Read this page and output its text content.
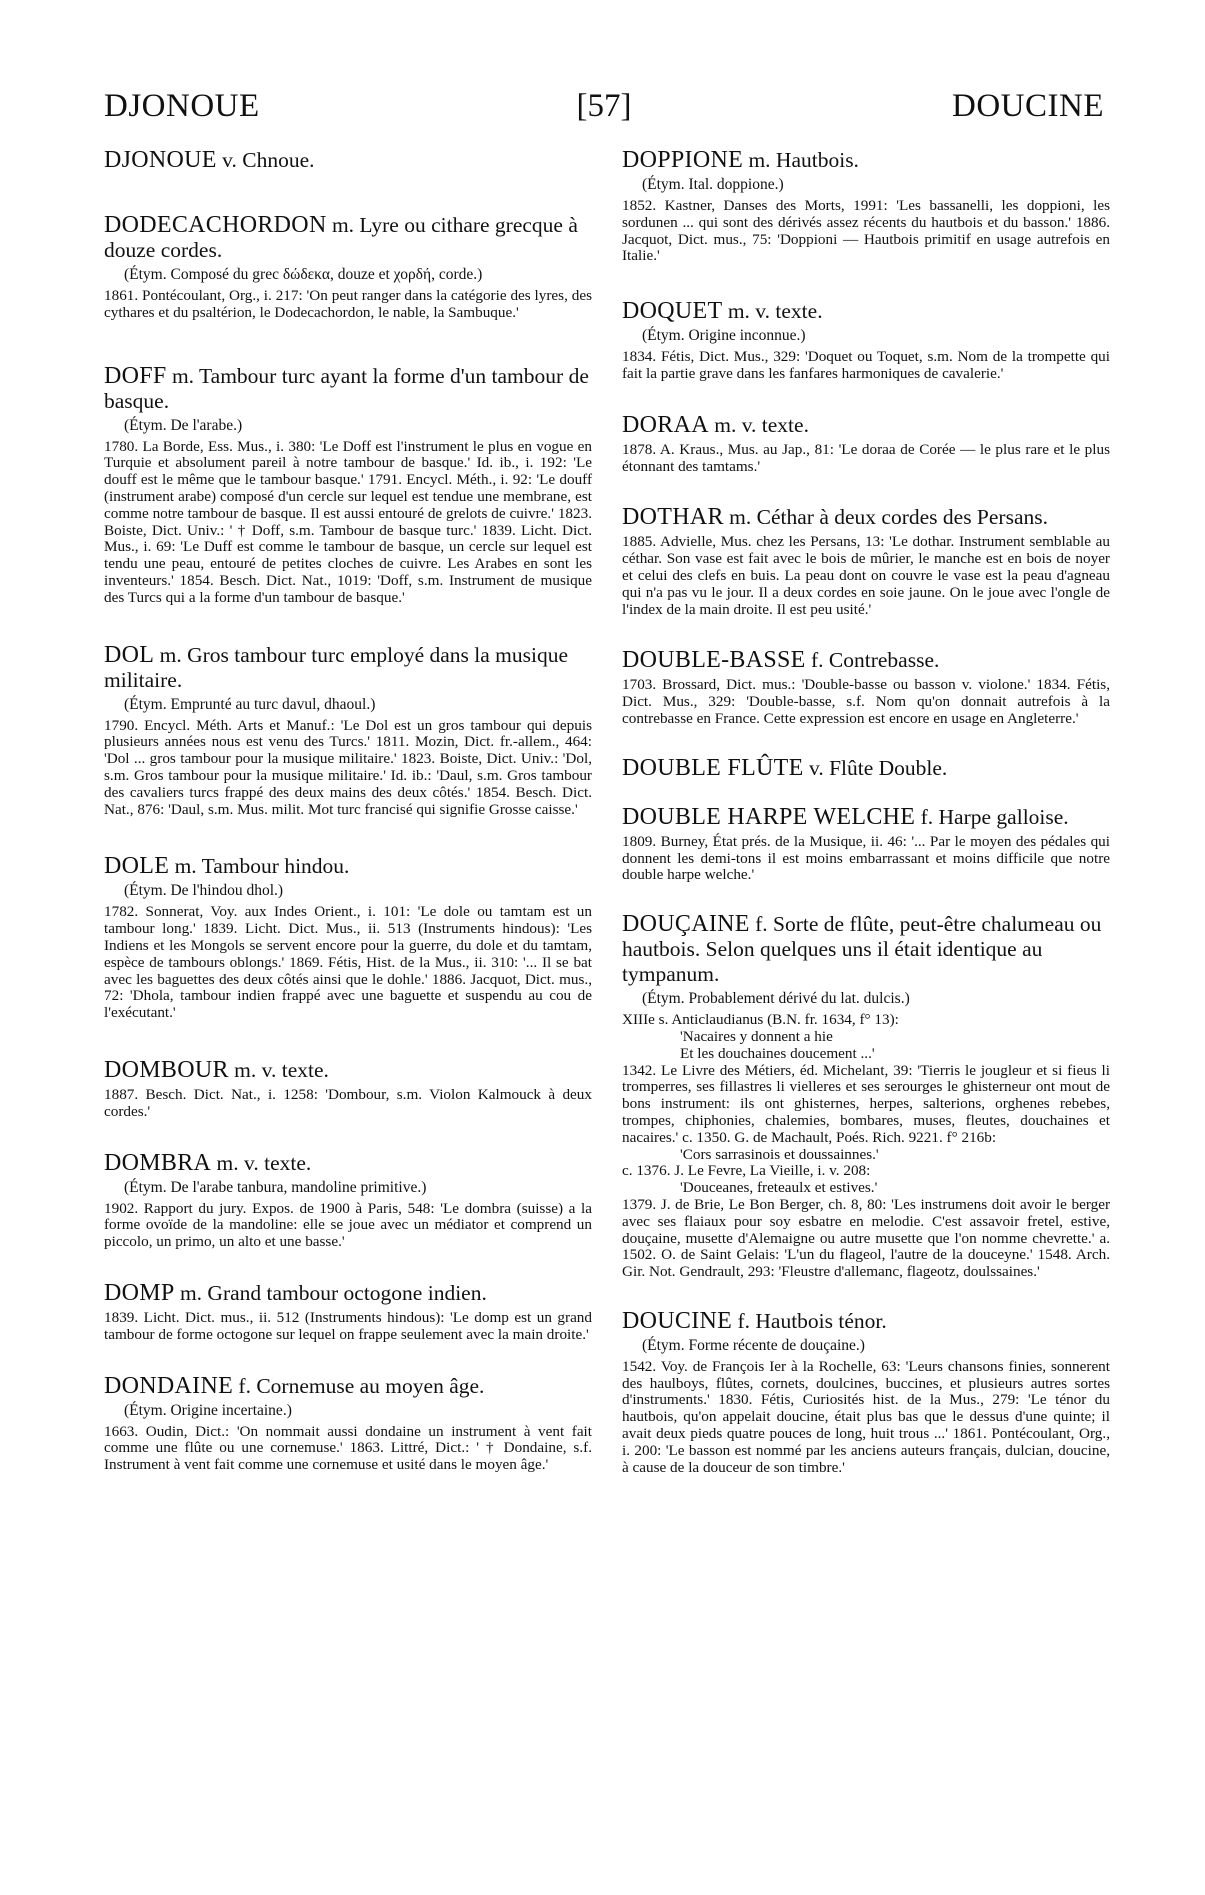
DJONOUE	[57]	DOUCINE

DJONOUE v. Chnoue.

DODECACHORDON m. Lyre ou cithare grecque à douze cordes.

(Étym. Composé du grec δώδεκα, douze et χορδή, corde.)

1861. Pontécoulant, Org., i. 217: 'On peut ranger dans la catégorie des lyres, des cythares et du psaltérion, le Dodecachordon, le nable, la Sambuque.'

DOFF m. Tambour turc ayant la forme d'un tambour de basque.

(Étym. De l'arabe.)

1780. La Borde, Ess. Mus., i. 380: 'Le Doff est l'instrument le plus en vogue en Turquie et absolument pareil à notre tambour de basque.' Id. ib., i. 192: 'Le douff est le même que le tambour basque.' 1791. Encycl. Méth., i. 92: 'Le douff (instrument arabe) composé d'un cercle sur lequel est tendue une membrane, est comme notre tambour de basque. Il est aussi entouré de grelots de cuivre.' 1823. Boiste, Dict. Univ.: ' † Doff, s.m. Tambour de basque turc.' 1839. Licht. Dict. Mus., i. 69: 'Le Duff est comme le tambour de basque, un cercle sur lequel est tendu une peau, entouré de petites cloches de cuivre. Les Arabes en sont les inventeurs.' 1854. Besch. Dict. Nat., 1019: 'Doff, s.m. Instrument de musique des Turcs qui a la forme d'un tambour de basque.'

DOL m. Gros tambour turc employé dans la musique militaire.

(Étym. Emprunté au turc davul, dhaoul.)

1790. Encycl. Méth. Arts et Manuf.: 'Le Dol est un gros tambour qui depuis plusieurs années nous est venu des Turcs.' 1811. Mozin, Dict. fr.-allem., 464: 'Dol ... gros tambour pour la musique militaire.' 1823. Boiste, Dict. Univ.: 'Dol, s.m. Gros tambour pour la musique militaire.' Id. ib.: 'Daul, s.m. Gros tambour des cavaliers turcs frappé des deux mains des deux côtés.' 1854. Besch. Dict. Nat., 876: 'Daul, s.m. Mus. milit. Mot turc francisé qui signifie Grosse caisse.'

DOLE m. Tambour hindou.

(Étym. De l'hindou dhol.)

1782. Sonnerat, Voy. aux Indes Orient., i. 101: 'Le dole ou tamtam est un tambour long.' 1839. Licht. Dict. Mus., ii. 513 (Instruments hindous): 'Les Indiens et les Mongols se servent encore pour la guerre, du dole et du tamtam, espèce de tambours oblongs.' 1869. Fétis, Hist. de la Mus., ii. 310: '... Il se bat avec les baguettes des deux côtés ainsi que le dohle.' 1886. Jacquot, Dict. mus., 72: 'Dhola, tambour indien frappé avec une baguette et suspendu au cou de l'exécutant.'

DOMBOUR m. v. texte.

1887. Besch. Dict. Nat., i. 1258: 'Dombour, s.m. Violon Kalmouck à deux cordes.'

DOMBRA m. v. texte.

(Étym. De l'arabe tanbura, mandoline primitive.)

1902. Rapport du jury. Expos. de 1900 à Paris, 548: 'Le dombra (suisse) a la forme ovoïde de la mandoline: elle se joue avec un médiator et comprend un piccolo, un primo, un alto et une basse.'

DOMP m. Grand tambour octogone indien.

1839. Licht. Dict. mus., ii. 512 (Instruments hindous): 'Le domp est un grand tambour de forme octogone sur lequel on frappe seulement avec la main droite.'

DONDAINE f. Cornemuse au moyen âge.

(Étym. Origine incertaine.)

1663. Oudin, Dict.: 'On nommait aussi dondaine un instrument à vent fait comme une flûte ou une cornemuse.' 1863. Littré, Dict.: ' † Dondaine, s.f. Instrument à vent fait comme une cornemuse et usité dans le moyen âge.'

DOPPIONE m. Hautbois.

(Étym. Ital. doppione.)

1852. Kastner, Danses des Morts, 1991: 'Les bassanelli, les doppioni, les sordunen ... qui sont des dérivés assez récents du hautbois et du basson.' 1886. Jacquot, Dict. mus., 75: 'Doppioni — Hautbois primitif en usage autrefois en Italie.'

DOQUET m. v. texte.

(Étym. Origine inconnue.)

1834. Fétis, Dict. Mus., 329: 'Doquet ou Toquet, s.m. Nom de la trompette qui fait la partie grave dans les fanfares harmoniques de cavalerie.'

DORAA m. v. texte.

1878. A. Kraus., Mus. au Jap., 81: 'Le doraa de Corée — le plus rare et le plus étonnant des tamtams.'

DOTHAR m. Céthar à deux cordes des Persans.

1885. Advielle, Mus. chez les Persans, 13: 'Le dothar. Instrument semblable au céthar. Son vase est fait avec le bois de mûrier, le manche est en bois de noyer et celui des clefs en buis. La peau dont on couvre le vase est la peau d'agneau qui n'a pas vu le jour. Il a deux cordes en soie jaune. On le joue avec l'ongle de l'index de la main droite. Il est peu usité.'

DOUBLE-BASSE f. Contrebasse.

1703. Brossard, Dict. mus.: 'Double-basse ou basson v. violone.' 1834. Fétis, Dict. Mus., 329: 'Double-basse, s.f. Nom qu'on donnait autrefois à la contrebasse en France. Cette expression est encore en usage en Angleterre.'

DOUBLE FLÛTE v. Flûte Double.

DOUBLE HARPE WELCHE f. Harpe galloise.

1809. Burney, État prés. de la Musique, ii. 46: '... Par le moyen des pédales qui donnent les demi-tons il est moins embarrassant et moins difficile que notre double harpe welche.'

DOUÇAINE f. Sorte de flûte, peut-être chalumeau ou hautbois. Selon quelques uns il était identique au tympanum.

(Étym. Probablement dérivé du lat. dulcis.)

XIIIe s. Anticlaudianus (B.N. fr. 1634, f° 13):

'Nacaires y donnent a hie

Et les douchaines doucement ...'

1342. Le Livre des Métiers, éd. Michelant, 39: 'Tierris le jougleur et si fieus li tromperres, ses fillastres li vielleres et ses serourges le ghisterneur ont mout de bons instrument: ils ont ghisternes, herpes, salterions, orghenes rebebes, trompes, chiphonies, chalemies, bombares, muses, fleutes, douchaines et nacaires.' c. 1350. G. de Machault, Poés. Rich. 9221. f° 216b:

'Cors sarrasinois et doussainnes.'

c. 1376. J. Le Fevre, La Vieille, i. v. 208:

'Douceanes, freteaulx et estives.'

1379. J. de Brie, Le Bon Berger, ch. 8, 80: 'Les instrumens doit avoir le berger avec ses flaiaux pour soy esbatre en melodie. C'est assavoir fretel, estive, douçaine, musette d'Alemaigne ou autre musette que l'on nomme chevrette.' a. 1502. O. de Saint Gelais: 'L'un du flageol, l'autre de la douceyne.' 1548. Arch. Gir. Not. Gendrault, 293: 'Fleustre d'allemanc, flageotz, doulssaines.'

DOUCINE f. Hautbois ténor.

(Étym. Forme récente de douçaine.)

1542. Voy. de François Ier à la Rochelle, 63: 'Leurs chansons finies, sonnerent des haulboys, flûtes, cornets, doulcines, buccines, et plusieurs autres sortes d'instruments.' 1830. Fétis, Curiosités hist. de la Mus., 279: 'Le ténor du hautbois, qu'on appelait doucine, était plus bas que le dessus d'une quinte; il avait deux pieds quatre pouces de long, huit trous ...' 1861. Pontécoulant, Org., i. 200: 'Le basson est nommé par les anciens auteurs français, dulcian, doucine, à cause de la douceur de son timbre.'
